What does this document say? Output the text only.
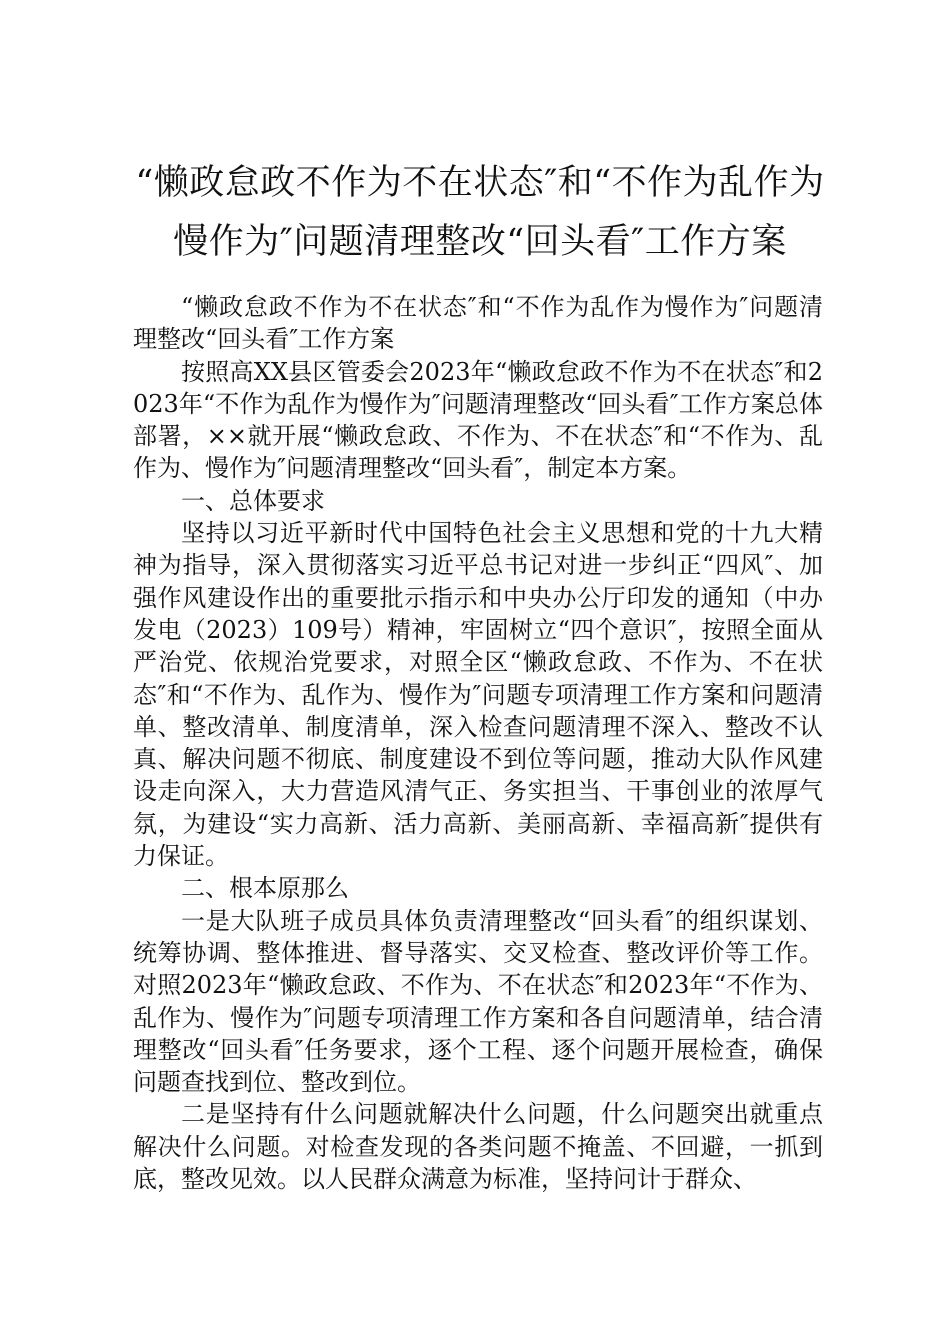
“懒政怠政不作为不在状态″和“不作为乱作为
慢作为″问题清理整改“回头看″工作方案

“懒政怠政不作为不在状态″和“不作为乱作为慢作为″问题清理整改“回头看″工作方案

按照高XX县区管委会2023年“懒政怠政不作为不在状态″和2023年“不作为乱作为慢作为″问题清理整改“回头看″工作方案总体部署，××就开展“懒政怠政、不作为、不在状态″和“不作为、乱作为、慢作为″问题清理整改“回头看″，制定本方案。

一、总体要求

坚持以习近平新时代中国特色社会主义思想和党的十九大精神为指导，深入贯彻落实习近平总书记对进一步纠正“四风″、加强作风建设作出的重要批示指示和中央办公厅印发的通知（中办发电（2023）109号）精神，牢固树立“四个意识″，按照全面从严治党、依规治党要求，对照全区“懒政怠政、不作为、不在状态″和“不作为、乱作为、慢作为″问题专项清理工作方案和问题清单、整改清单、制度清单，深入检查问题清理不深入、整改不认真、解决问题不彻底、制度建设不到位等问题，推动大队作风建设走向深入，大力营造风清气正、务实担当、干事创业的浓厚气氛，为建设“实力高新、活力高新、美丽高新、幸福高新″提供有力保证。

二、根本原那么

一是大队班子成员具体负责清理整改“回头看″的组织谋划、统筹协调、整体推进、督导落实、交叉检查、整改评价等工作。对照2023年“懒政怠政、不作为、不在状态″和2023年“不作为、乱作为、慢作为″问题专项清理工作方案和各自问题清单，结合清理整改“回头看″任务要求，逐个工程、逐个问题开展检查，确保问题查找到位、整改到位。

二是坚持有什么问题就解决什么问题，什么问题突出就重点解决什么问题。对检查发现的各类问题不掩盖、不回避，一抓到底，整改见效。以人民群众满意为标准，坚持问计于群众、
